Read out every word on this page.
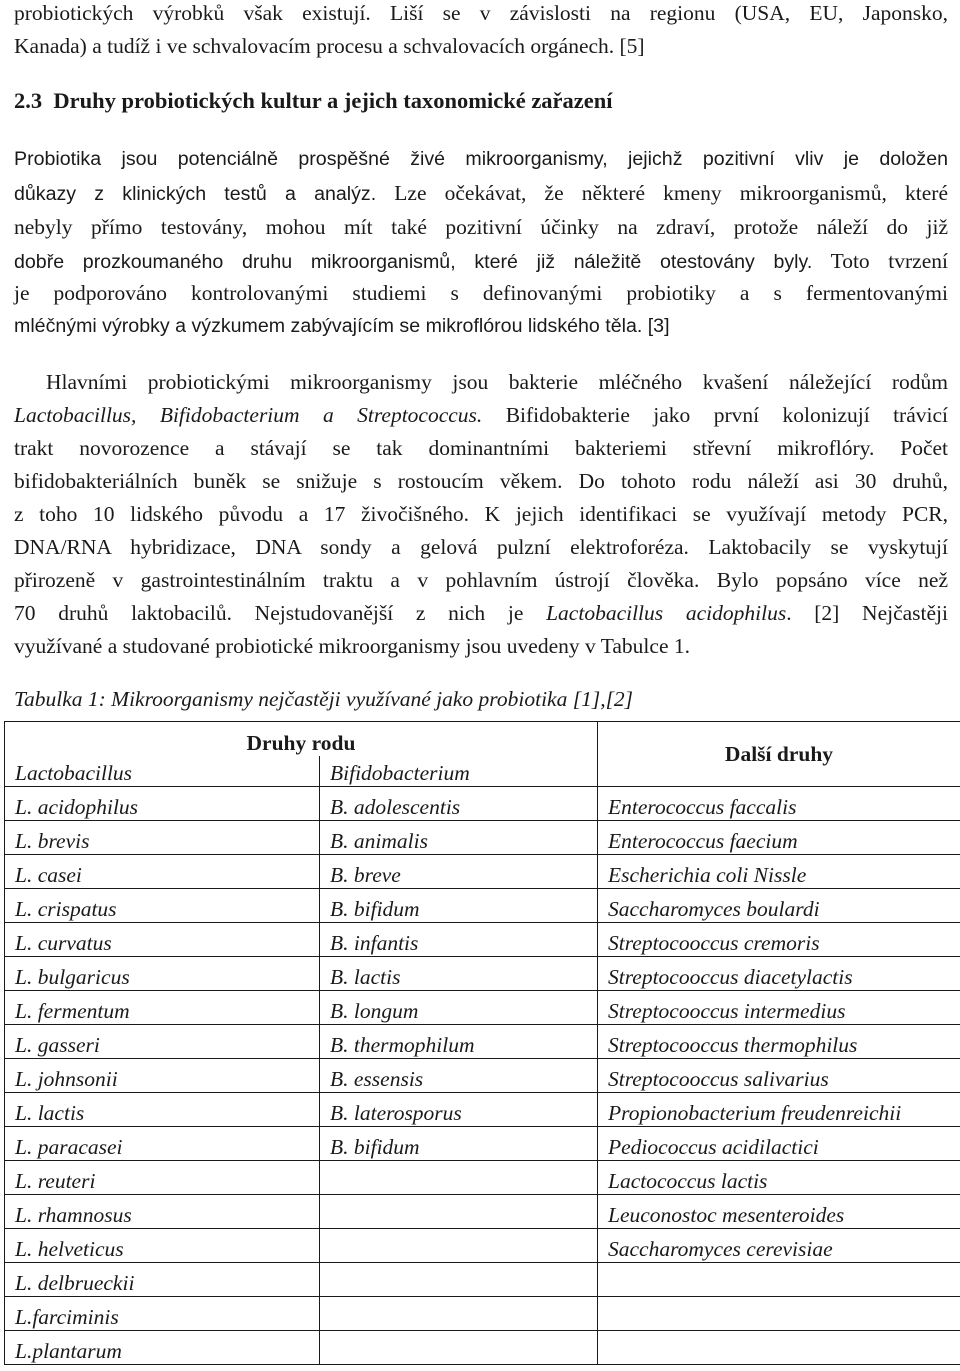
probiotických výrobků však existují. Liší se v závislosti na regionu (USA, EU, Japonsko,
Kanada) a tudíž i ve schvalovacím procesu a schvalovacích orgánech. [5]
2.3 Druhy probiotických kultur a jejich taxonomické zařazení
Probiotika jsou potenciálně prospěšné živé mikroorganismy, jejichž pozitivní vliv je doložen
důkazy z klinických testů a analýz. Lze očekávat, že některé kmeny mikroorganismů, které
nebyly přímo testovány, mohou mít také pozitivní účinky na zdraví, protože náleží do již
dobře prozkoumaného druhu mikroorganismů, které již náležitě otestovány byly. Toto tvrzení
je podporováno kontrolovanými studiemi s definovanými probiotiky a s fermentovanými
mléčnými výrobky a výzkumem zabývajícím se mikroflórou lidského těla. [3]
Hlavními probiotickými mikroorganismy jsou bakterie mléčného kvašení náležející rodům
Lactobacillus, Bifidobacterium a Streptococcus. Bifidobakterie jako první kolonizují trávicí
trakt novorozence a stávají se tak dominantními bakteriemi střevní mikroflóry. Počet
bifidobakteriálních buněk se snižuje s rostoucím věkem. Do tohoto rodu náleží asi 30 druhů,
z toho 10 lidského původu a 17 živočišného. K jejich identifikaci se využívají metody PCR,
DNA/RNA hybridizace, DNA sondy a gelová pulzní elektroforéza. Laktobacily se vyskytují
přirozeně v gastrointestinálním traktu a v pohlavním ústrojí člověka. Bylo popsáno více než
70 druhů laktobacilů. Nejstudovanější z nich je Lactobacillus acidophilus. [2] Nejčastěji
využívané a studované probiotické mikroorganismy jsou uvedeny v Tabulce 1.
Tabulka 1: Mikroorganismy nejčastěji využívané jako probiotika [1],[2]
Druhy rodu		Další druhy
Lactobacillus	Bifidobacterium	
L. acidophilus	B. adolescentis	Enterococcus faccalis
L. brevis	B. animalis	Enterococcus faecium
L. casei	B. breve	Escherichia coli Nissle
L. crispatus	B. bifidum	Saccharomyces boulardi
L. curvatus	B. infantis	Streptocooccus cremoris
L. bulgaricus	B. lactis	Streptocooccus diacetylactis
L. fermentum	B. longum	Streptocooccus intermedius
L. gasseri	B. thermophilum	Streptocooccus thermophilus
L. johnsonii	B. essensis	Streptocooccus salivarius
L. lactis	B. laterosporus	Propionobacterium freudenreichii
L. paracasei	B. bifidum	Pediococcus acidilactici
L. reuteri		Lactococcus lactis
L. rhamnosus		Leuconostoc mesenteroides
L. helveticus		Saccharomyces cerevisiae
L. delbrueckii		
L.farciminis		
L.plantarum		
